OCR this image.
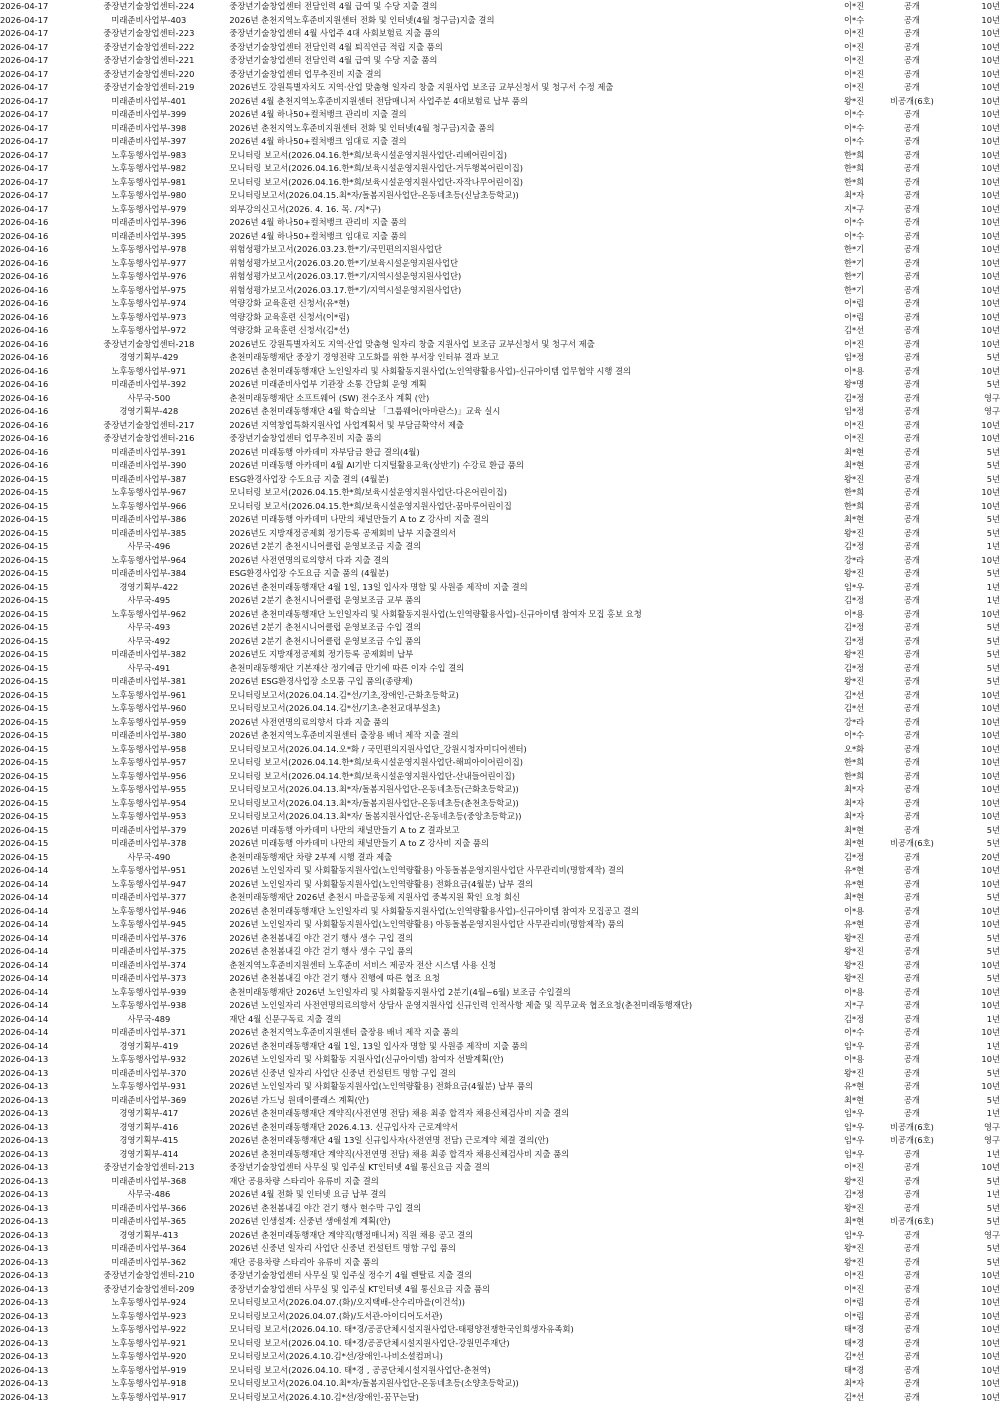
2026-04-17	중장년기술창업센터-224	중장년기술창업센터 전담인력 4월 급여 및 수당 지출 결의	이*진	공개	10년
2026-04-17	미래준비사업부-403	2026년 춘천지역노후준비지원센터 전화 및 인터넷(4월 청구금)지출 결의	이*수	공개	10년
2026-04-17	중장년기술창업센터-223	중장년기술창업센터 4월 사업주 4대 사회보험료 지출 품의	이*진	공개	10년
2026-04-17	중장년기술창업센터-222	중장년기술창업센터 전담인력 4월 퇴직연금 적립 지출 품의	이*진	공개	10년
2026-04-17	중장년기술창업센터-221	중장년기술창업센터 전담인력 4월 급여 및 수당 지출 품의	이*진	공개	10년
2026-04-17	중장년기술창업센터-220	중장년기술창업센터 업무추진비 지출 결의	이*진	공개	10년
2026-04-17	중장년기술창업센터-219	2026년도 강원특별자치도 지역·산업 맞춤형 일자리 창출 지원사업 보조금 교부신청서 및 청구서 수정 제출	이*진	공개	10년
2026-04-17	미래준비사업부-401	2026년 4월 춘천지역노후준비지원센터 전담매니저 사업주분 4대보험료 납부 품의	왕*진	비공개(6호)	10년
2026-04-17	미래준비사업부-399	2026년 4월 하나50+컬처뱅크 관리비 지출 결의	이*수	공개	10년
2026-04-17	미래준비사업부-398	2026년 춘천지역노후준비지원센터 전화 및 인터넷(4월 청구금)지출 품의	이*수	공개	10년
2026-04-17	미래준비사업부-397	2026년 4월 하나50+컬처뱅크 임대료 지출 결의	이*수	공개	10년
2026-04-17	노후동행사업부-983	모니터링 보고서(2026.04.16.한*희/보육시설운영지원사업단-리베어린이집)	한*희	공개	10년
2026-04-17	노후동행사업부-982	모니터링 보고서(2026.04.16.한*희/보육시설운영지원사업단-거두행복어린이집)	한*희	공개	10년
2026-04-17	노후동행사업부-981	모니터링 보고서(2026.04.16.한*희/보육시설운영지원사업단-자작나무어린이집)	한*희	공개	10년
2026-04-17	노후동행사업부-980	모니터링보고서(2026.04.15.최*자/돌봄지원사업단-온동네초등(신남초등학교))	최*자	공개	10년
2026-04-17	노후동행사업부-979	외부강의신고서(2026. 4. 16. 목. /지*구)	지*구	공개	10년
2026-04-16	미래준비사업부-396	2026년 4월 하나50+컬처뱅크 관리비 지출 품의	이*수	공개	10년
2026-04-16	미래준비사업부-395	2026년 4월 하나50+컬처뱅크 임대료 지출 품의	이*수	공개	10년
2026-04-16	노후동행사업부-978	위험성평가보고서(2026.03.23.한*기/국민편의지원사업단	한*기	공개	10년
2026-04-16	노후동행사업부-977	위험성평가보고서(2026.03.20.한*기/보육시설운영지원사업단	한*기	공개	10년
2026-04-16	노후동행사업부-976	위험성평가보고서(2026.03.17.한*기/지역시설운영지원사업단)	한*기	공개	10년
2026-04-16	노후동행사업부-975	위험성평가보고서(2026.03.17.한*기/지역시설운영지원사업단)	한*기	공개	10년
2026-04-16	노후동행사업부-974	역량강화 교육훈련 신청서(유*현)	이*림	공개	10년
2026-04-16	노후동행사업부-973	역량강화 교육훈련 신청서(이*림)	이*림	공개	10년
2026-04-16	노후동행사업부-972	역량강화 교육훈련 신청서(김*선)	김*선	공개	10년
2026-04-16	중장년기술창업센터-218	2026년도 강원특별자치도 지역·산업 맞춤형 일자리 창출 지원사업 보조금 교부신청서 및 청구서 제출	이*진	공개	10년
2026-04-16	경영기획부-429	춘천미래동행재단 중장기 경영전략 고도화를 위한 부서장 인터뷰 결과 보고	임*정	공개	5년
2026-04-16	노후동행사업부-971	2026년 춘천미래동행재단 노인일자리 및 사회활동지원사업(노인역량활용사업)-신규아이템 업무협약 시행 결의	이*용	공개	10년
2026-04-16	미래준비사업부-392	2026년 미래준비사업부 기관장 소통 간담회 운영 계획	왕*명	공개	5년
2026-04-16	사무국-500	춘천미래동행재단 소프트웨어 (SW) 전수조사 계획 (안)	김*정	공개	영구
2026-04-16	경영기획부-428	2026년 춘천미래동행재단 4월 학습의날 「그룹웨어(아마란스)」교육 실시	임*정	공개	영구
2026-04-16	중장년기술창업센터-217	2026년 지역창업특화지원사업 사업계획서 및 부담금확약서 제출	이*진	공개	10년
2026-04-16	중장년기술창업센터-216	중장년기술창업센터 업무추진비 지출 품의	이*진	공개	10년
2026-04-16	미래준비사업부-391	2026년 미래동행 아카데미 자부담금 환급 결의(4월)	최*현	공개	5년
2026-04-16	미래준비사업부-390	2026년 미래동행 아카데미 4월 AI기반 디지털활용교육(상반기) 수강료 환급 품의	최*현	공개	5년
2026-04-15	미래준비사업부-387	ESG환경사업장 수도요금 지출 결의 (4월분)	왕*진	공개	5년
2026-04-15	노후동행사업부-967	모니터링 보고서(2026.04.15.한*희/보육시설운영지원사업단-다온어린이집)	한*희	공개	10년
2026-04-15	노후동행사업부-966	모니터링 보고서(2026.04.15.한*희/보육시설운영지원사업단-꿈마루어린이집	한*희	공개	10년
2026-04-15	미래준비사업부-386	2026년 미래동행 아카데미 나만의 채널만들기 A to Z 강사비 지출 결의	최*현	공개	5년
2026-04-15	미래준비사업부-385	2026년도 지방재정공제회 정기등록 공제회비 납부 지출결의서	왕*진	공개	5년
2026-04-15	사무국-496	2026년 2분기 춘천시니어클럽 운영보조금 지출 결의	김*정	공개	1년
2026-04-15	노후동행사업부-964	2026년 사전연명의료의향서 다과 지출 결의	강*라	공개	10년
2026-04-15	미래준비사업부-384	ESG환경사업장 수도요금 지출 품의 (4월분)	왕*진	공개	5년
2026-04-15	경영기획부-422	2026년 춘천미래동행재단 4월 1일, 13일 입사자 명함 및 사원증 제작비 지출 결의	임*우	공개	1년
2026-04-15	사무국-495	2026년 2분기 춘천시니어클럽 운영보조금 교부 품의	김*정	공개	1년
2026-04-15	노후동행사업부-962	2026년 춘천미래동행재단 노인일자리 및 사회활동지원사업(노인역량활용사업)-신규아이템 참여자 모집 홍보 요청	이*용	공개	10년
2026-04-15	사무국-493	2026년 2분기 춘천시니어클럽 운영보조금 수입 결의	김*정	공개	5년
2026-04-15	사무국-492	2026년 2분기 춘천시니어클럽 운영보조금 수입 품의	김*정	공개	5년
2026-04-15	미래준비사업부-382	2026년도 지방재정공제회 정기등록 공제회비 납부	왕*진	공개	5년
2026-04-15	사무국-491	춘천미래동행재단 기본재산 정기예금 만기에 따른 이자 수입 결의	김*정	공개	5년
2026-04-15	미래준비사업부-381	2026년 ESG환경사업장 소모품 구입 품의(종량제)	왕*진	공개	5년
2026-04-15	노후동행사업부-961	모니터링보고서(2026.04.14.김*선/기초,장애인-근화초등학교)	김*선	공개	10년
2026-04-15	노후동행사업부-960	모니터링보고서(2026.04.14.김*선/기초-춘천교대부설초)	김*선	공개	10년
2026-04-15	노후동행사업부-959	2026년 사전연명의료의향서 다과 지출 품의	강*라	공개	10년
2026-04-15	미래준비사업부-380	2026년 춘천지역노후준비지원센터 출장용 배너 제작 지출 결의	이*수	공개	10년
2026-04-15	노후동행사업부-958	모니터링보고서(2026.04.14.오*화 / 국민편의지원사업단_강원시청자미디어센터)	오*화	공개	10년
2026-04-15	노후동행사업부-957	모니터링 보고서(2026.04.14.한*희/보육시설운영지원사업단-해피아이어린이집)	한*희	공개	10년
2026-04-15	노후동행사업부-956	모니터링 보고서(2026.04.14.한*희/보육시설운영지원사업단-산내들어린이집)	한*희	공개	10년
2026-04-15	노후동행사업부-955	모니터링보고서(2026.04.13.최*자/돌봄지원사업단-온동네초등(근화초등학교))	최*자	공개	10년
2026-04-15	노후동행사업부-954	모니터링보고서(2026.04.13.최*자/돌봄지원사업단-온동네초등(춘천초등학교))	최*자	공개	10년
2026-04-15	노후동행사업부-953	모니터링보고서(2026.04.13.최*자/ 돌봄지원사업단-온동네초등(중앙초등학교))	최*자	공개	10년
2026-04-15	미래준비사업부-379	2026년 미래동행 아카데미 나만의 채널만들기 A to Z 결과보고	최*현	공개	5년
2026-04-15	미래준비사업부-378	2026년 미래동행 아카데미 나만의 채널만들기 A to Z 강사비 지출 품의	최*현	비공개(6호)	5년
2026-04-15	사무국-490	춘천미래동행재단 차량 2부제 시행 결과 제출	김*정	공개	20년
2026-04-14	노후동행사업부-951	2026년 노인일자리 및 사회활동지원사업(노인역량활용) 아동돌봄운영지원사업단 사무관리비(명함제작) 결의	유*현	공개	10년
2026-04-14	노후동행사업부-947	2026년 노인일자리 및 사회활동지원사업(노인역량활용) 전화요금(4월분) 납부 결의	유*현	공개	10년
2026-04-14	미래준비사업부-377	춘천미래동행재단 2026년 춘천시 마을공동체 지원사업 중복지원 확인 요청 회신	최*현	공개	5년
2026-04-14	노후동행사업부-946	2026년 춘천미래동행재단 노인일자리 및 사회활동지원사업(노인역량활용사업)-신규아이템 참여자 모집공고 결의	이*용	공개	10년
2026-04-14	노후동행사업부-945	2026년 노인일자리 및 사회활동지원사업(노인역량활용) 아동돌봄운영지원사업단 사무관리비(명함제작) 품의	유*현	공개	10년
2026-04-14	미래준비사업부-376	2026년 춘천봄내길 야간 걷기 행사 생수 구입 결의	왕*진	공개	5년
2026-04-14	미래준비사업부-375	2026년 춘천봄내길 야간 걷기 행사 생수 구입 품의	왕*진	공개	5년
2026-04-14	미래준비사업부-374	춘천지역노후준비지원센터 노후준비 서비스 제공자 전산 시스템 사용 신청	왕*진	공개	10년
2026-04-14	미래준비사업부-373	2026년 춘천봄내길 야간 걷기 행사 진행에 따른 협조 요청	왕*진	공개	5년
2026-04-14	노후동행사업부-939	춘천미래동행재단 2026년 노인일자리 및 사회활동지원사업 2분기(4월~6월) 보조금 수입결의	이*용	공개	10년
2026-04-14	노후동행사업부-938	2026년 노인일자리 사전연명의료의향서 상담사 운영지원사업 신규인력 인적사항 제출 및 직무교육 협조요청(춘천미래동행재단)	지*구	공개	10년
2026-04-14	사무국-489	재단 4월 신문구독료 지출 결의	김*정	공개	1년
2026-04-14	미래준비사업부-371	2026년 춘천지역노후준비지원센터 출장용 배너 제작 지출 품의	이*수	공개	10년
2026-04-14	경영기획부-419	2026년 춘천미래동행재단 4월 1일, 13일 입사자 명함 및 사원증 제작비 지출 품의	임*우	공개	1년
2026-04-13	노후동행사업부-932	2026년 노인일자리 및 사회활동 지원사업(신규아이템) 참여자 선발계획(안)	이*용	공개	10년
2026-04-13	미래준비사업부-370	2026년 신중년 일자리 사업단 신중년 컨설턴트 명함 구입 결의	왕*진	공개	5년
2026-04-13	노후동행사업부-931	2026년 노인일자리 및 사회활동지원사업(노인역량활용) 전화요금(4월분) 납부 품의	유*현	공개	10년
2026-04-13	미래준비사업부-369	2026년 가드닝 원데이클래스 계획(안)	최*현	공개	5년
2026-04-13	경영기획부-417	2026년 춘천미래동행재단 계약직(사전연명 전담) 채용 최종 합격자 채용신체검사비 지출 결의	임*우	공개	1년
2026-04-13	경영기획부-416	2026년 춘천미래동행재단 2026.4.13. 신규입사자 근로계약서	임*우	비공개(6호)	영구
2026-04-13	경영기획부-415	2026년 춘천미래동행재단 4월 13일 신규입사자(사전연명 전담) 근로계약 체결 결의(안)	임*우	비공개(6호)	영구
2026-04-13	경영기획부-414	2026년 춘천미래동행재단 계약직(사전연명 전담) 채용 최종 합격자 채용신체검사비 지출 품의	임*우	공개	1년
2026-04-13	중장년기술창업센터-213	중장년기술창업센터 사무실 및 입주실 KT인터넷 4월 통신요금 지출 결의	이*진	공개	10년
2026-04-13	미래준비사업부-368	재단 공용차량 스타리아 유류비 지출 결의	왕*진	공개	5년
2026-04-13	사무국-486	2026년 4월 전화 및 인터넷 요금 납부 결의	김*정	공개	1년
2026-04-13	미래준비사업부-366	2026년 춘천봄내길 야간 걷기 행사 현수막 구입 결의	왕*진	공개	5년
2026-04-13	미래준비사업부-365	2026년 인생설계: 신중년 생애설계 계획(안)	최*현	비공개(6호)	5년
2026-04-13	경영기획부-413	2026년 춘천미래동행재단 계약직(행정매니저) 직원 채용 공고 결의	임*우	공개	영구
2026-04-13	미래준비사업부-364	2026년 신중년 일자리 사업단 신중년 컨설턴트 명함 구입 품의	왕*진	공개	5년
2026-04-13	미래준비사업부-362	재단 공용차량 스타리아 유류비 지출 품의	왕*진	공개	5년
2026-04-13	중장년기술창업센터-210	중장년기술창업센터 사무실 및 입주실 정수기 4월 렌탈료 지출 결의	이*진	공개	10년
2026-04-13	중장년기술창업센터-209	중장년기술창업센터 사무실 및 입주실 KT인터넷 4월 통신요금 지출 품의	이*진	공개	10년
2026-04-13	노후동행사업부-924	모니터링보고서(2026.04.07.(화)/오지택배-산수리마을(이건석))	이*림	공개	10년
2026-04-13	노후동행사업부-923	모니터링보고서(2026.04.07.(화)/도서관-아이디어도서관)	이*림	공개	10년
2026-04-13	노후동행사업부-922	모니터링 보고서(2026.04.10. 태*경/공공단체시설지원사업단-태평양전쟁한국인희생자유족회)	태*경	공개	10년
2026-04-13	노후동행사업부-921	모니터링 보고서(2026.04.10. 태*경/공공단체시설지원사업단-강원민주재단)	태*경	공개	10년
2026-04-13	노후동행사업부-920	모니터링보고서(2026.4.10.김*선/장애인-나비소셜컴퍼니)	김*선	공개	10년
2026-04-13	노후동행사업부-919	모니터링 보고서(2026.04.10. 태*경 , 공공단체시설지원사업단-춘천역)	태*경	공개	10년
2026-04-13	노후동행사업부-918	모니터링보고서(2026.04.10.최*자/돌봄지원사업단-온동네초등(소양초등학교))	최*자	공개	10년
2026-04-13	노후동행사업부-917	모니터링보고서(2026.4.10.김*선/장애인-꿈꾸는달)	김*선	공개	10년
